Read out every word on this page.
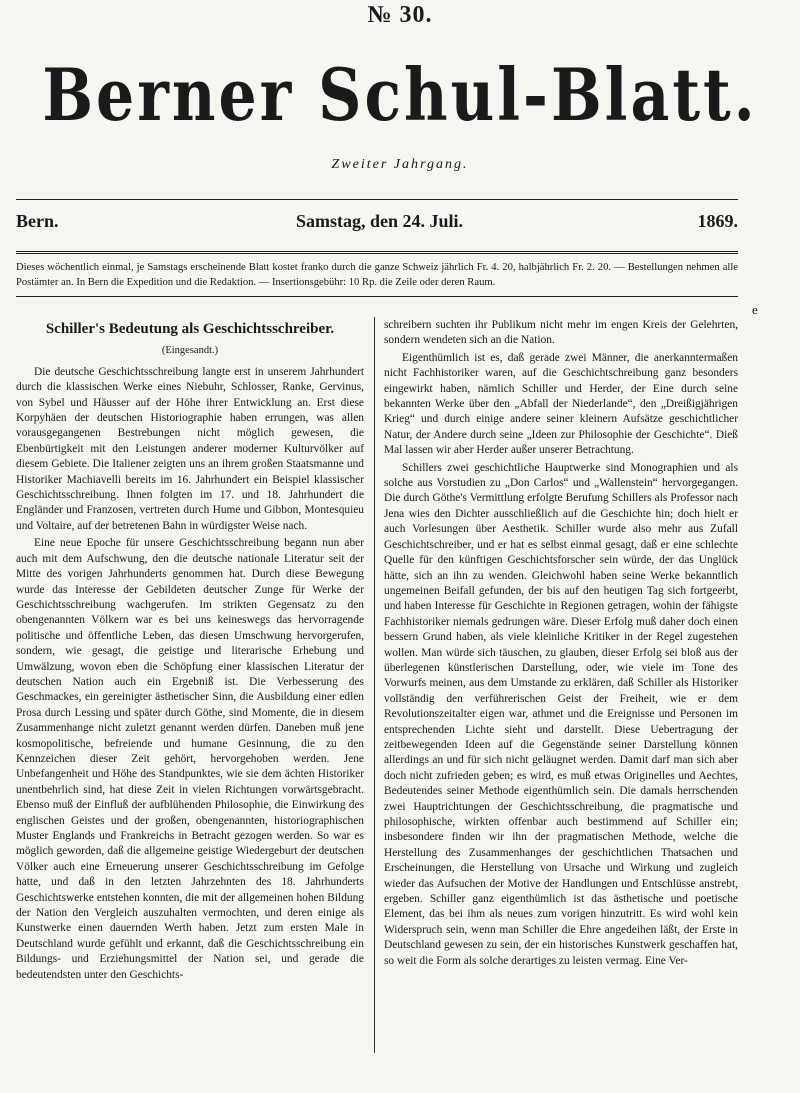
№ 30.
Berner Schul-Blatt.
Zweiter Jahrgang.
Bern.	Samstag, den 24. Juli.	1869.
Dieses wöchentlich einmal, je Samstags erscheinende Blatt kostet franko durch die ganze Schweiz jährlich Fr. 4. 20, halbjährlich Fr. 2. 20. — Bestellungen nehmen alle Postämter an. In Bern die Expedition und die Redaktion. — Insertionsgebühr: 10 Rp. die Zeile oder deren Raum.
e
Schiller's Bedeutung als Geschichtsschreiber.
(Eingesandt.)

Die deutsche Geschichtsschreibung langte erst in unserem Jahrhundert durch die klassischen Werke eines Niebuhr, Schlosser, Ranke, Gervinus, von Sybel und Häusser auf der Höhe ihrer Entwicklung an. Erst diese Korpyhäen der deutschen Historiographie haben errungen, was allen vorausgegangenen Bestrebungen nicht möglich gewesen, die Ebenbürtigkeit mit den Leistungen anderer moderner Kulturvölker auf diesem Gebiete. Die Italiener zeigten uns an ihrem großen Staatsmanne und Historiker Machiavelli bereits im 16. Jahrhundert ein Beispiel klassischer Geschichtsschreibung. Ihnen folgten im 17. und 18. Jahrhundert die Engländer und Franzosen, vertreten durch Hume und Gibbon, Montesquieu und Voltaire, auf der betretenen Bahn in würdigster Weise nach.

Eine neue Epoche für unsere Geschichtsschreibung begann nun aber auch mit dem Aufschwung, den die deutsche nationale Literatur seit der Mitte des vorigen Jahrhunderts genommen hat. Durch diese Bewegung wurde das Interesse der Gebildeten deutscher Zunge für Werke der Geschichtsschreibung wachgerufen. Im strikten Gegensatz zu den obengenannten Völkern war es bei uns keineswegs das hervorragende politische und öffentliche Leben, das diesen Umschwung hervorgerufen, sondern, wie gesagt, die geistige und literarische Erhebung und Umwälzung, wovon eben die Schöpfung einer klassischen Literatur der deutschen Nation auch ein Ergebniß ist. Die Verbesserung des Geschmackes, ein gereinigter ästhetischer Sinn, die Ausbildung einer edlen Prosa durch Lessing und später durch Göthe, sind Momente, die in diesem Zusammenhange nicht zuletzt genannt werden dürfen. Daneben muß jene kosmopolitische, befreiende und humane Gesinnung, die zu den Kennzeichen dieser Zeit gehört, hervorgehoben werden. Jene Unbefangenheit und Höhe des Standpunktes, wie sie dem ächten Historiker unentbehrlich sind, hat diese Zeit in vielen Richtungen vorwärtsgebracht. Ebenso muß der Einfluß der aufblühenden Philosophie, die Einwirkung des englischen Geistes und der großen, obengenannten, historiographischen Muster Englands und Frankreichs in Betracht gezogen werden. So war es möglich geworden, daß die allgemeine geistige Wiedergeburt der deutschen Völker auch eine Erneuerung unserer Geschichtsschreibung im Gefolge hatte, und daß in den letzten Jahrzehnten des 18. Jahrhunderts Geschichtswerke entstehen konnten, die mit der allgemeinen hohen Bildung der Nation den Vergleich auszuhalten vermochten, und deren einige als Kunstwerke einen dauernden Werth haben. Jetzt zum ersten Male in Deutschland wurde gefühlt und erkannt, daß die Geschichtsschreibung ein Bildungs- und Erziehungsmittel der Nation sei, und gerade die bedeutendsten unter den Geschichts-

schreibern suchten ihr Publikum nicht mehr im engen Kreis der Gelehrten, sondern wendeten sich an die Nation.

Eigenthümlich ist es, daß gerade zwei Männer, die anerkanntermaßen nicht Fachhistoriker waren, auf die Geschichtschreibung ganz besonders eingewirkt haben, nämlich Schiller und Herder, der Eine durch seine bekannten Werke über den „Abfall der Niederlande“, den „Dreißigjährigen Krieg“ und durch einige andere seiner kleinern Aufsätze geschichtlicher Natur, der Andere durch seine „Ideen zur Philosophie der Geschichte“. Dieß Mal lassen wir aber Herder außer unserer Betrachtung.

Schillers zwei geschichtliche Hauptwerke sind Monographien und als solche aus Vorstudien zu „Don Carlos“ und „Wallenstein“ hervorgegangen. Die durch Göthe's Vermittlung erfolgte Berufung Schillers als Professor nach Jena wies den Dichter ausschließlich auf die Geschichte hin; doch hielt er auch Vorlesungen über Aesthetik. Schiller wurde also mehr aus Zufall Geschichtschreiber, und er hat es selbst einmal gesagt, daß er eine schlechte Quelle für den künftigen Geschichtsforscher sein würde, der das Unglück hätte, sich an ihn zu wenden. Gleichwohl haben seine Werke bekanntlich ungemeinen Beifall gefunden, der bis auf den heutigen Tag sich fortgeerbt, und haben Interesse für Geschichte in Regionen getragen, wohin der fähigste Fachhistoriker niemals gedrungen wäre. Dieser Erfolg muß daher doch einen bessern Grund haben, als viele kleinliche Kritiker in der Regel zugestehen wollen. Man würde sich täuschen, zu glauben, dieser Erfolg sei bloß aus der überlegenen künstlerischen Darstellung, oder, wie viele im Tone des Vorwurfs meinen, aus dem Umstande zu erklären, daß Schiller als Historiker vollständig den verführerischen Geist der Freiheit, wie er dem Revolutionszeitalter eigen war, athmet und die Ereignisse und Personen im entsprechenden Lichte sieht und darstellt. Diese Uebertragung der zeitbewegenden Ideen auf die Gegenstände seiner Darstellung können allerdings an und für sich nicht geläugnet werden. Damit darf man sich aber doch nicht zufrieden geben; es wird, es muß etwas Originelles und Aechtes, Bedeutendes seiner Methode eigenthümlich sein. Die damals herrschenden zwei Hauptrichtungen der Geschichtsschreibung, die pragmatische und philosophische, wirkten offenbar auch bestimmend auf Schiller ein; insbesondere finden wir ihn der pragmatischen Methode, welche die Herstellung des Zusammenhanges der geschichtlichen Thatsachen und Erscheinungen, die Herstellung von Ursache und Wirkung und zugleich wieder das Aufsuchen der Motive der Handlungen und Entschlüsse anstrebt, ergeben. Schiller ganz eigenthümlich ist das ästhetische und poetische Element, das bei ihm als neues zum vorigen hinzutritt. Es wird wohl kein Widerspruch sein, wenn man Schiller die Ehre angedeihen läßt, der Erste in Deutschland gewesen zu sein, der ein historisches Kunstwerk geschaffen hat, so weit die Form als solche derartiges zu leisten vermag. Eine Ver-
